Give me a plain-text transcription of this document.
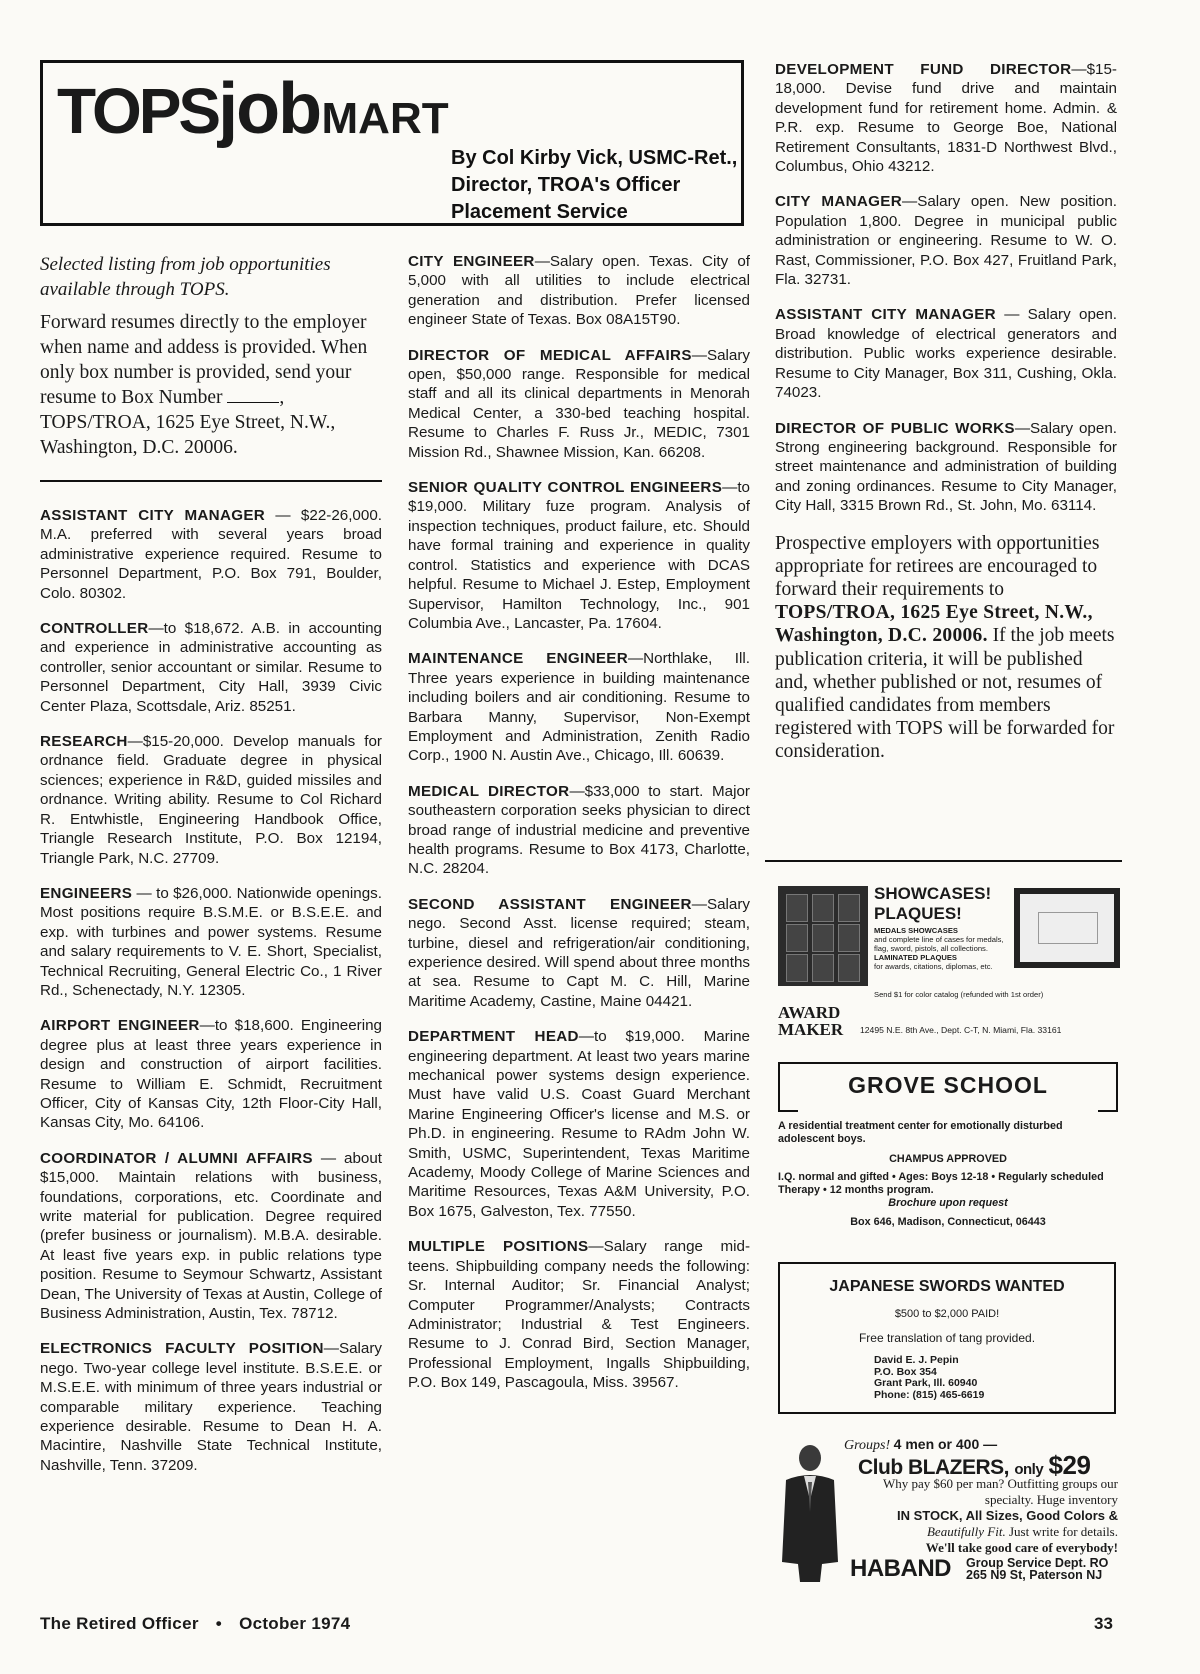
TOPSjob MART
By Col Kirby Vick, USMC-Ret.,
Director, TROA's Officer
Placement Service

Selected listing from job opportunities available through TOPS.

Forward resumes directly to the employer when name and addess is provided. When only box number is provided, send your resume to Box Number	, TOPS/TROA, 1625 Eye Street, N.W., Washington, D.C. 20006.

ASSISTANT CITY MANAGER — $22-26,000. M.A. preferred with several years broad administrative experience required. Resume to Personnel Department, P.O. Box 791, Boulder, Colo. 80302.

CONTROLLER—to $18,672. A.B. in accounting and experience in administrative accounting as controller, senior accountant or similar. Resume to Personnel Department, City Hall, 3939 Civic Center Plaza, Scottsdale, Ariz. 85251.

RESEARCH—$15-20,000. Develop manuals for ordnance field. Graduate degree in physical sciences; experience in R&D, guided missiles and ordnance. Writing ability. Resume to Col Richard R. Entwhistle, Engineering Handbook Office, Triangle Research Institute, P.O. Box 12194, Triangle Park, N.C. 27709.

ENGINEERS — to $26,000. Nationwide openings. Most positions require B.S.M.E. or B.S.E.E. and exp. with turbines and power systems. Resume and salary requirements to V. E. Short, Specialist, Technical Recruiting, General Electric Co., 1 River Rd., Schenectady, N.Y. 12305.

AIRPORT ENGINEER—to $18,600. Engineering degree plus at least three years experience in design and construction of airport facilities. Resume to William E. Schmidt, Recruitment Officer, City of Kansas City, 12th Floor-City Hall, Kansas City, Mo. 64106.

COORDINATOR / ALUMNI AFFAIRS — about $15,000. Maintain relations with business, foundations, corporations, etc. Coordinate and write material for publication. Degree required (prefer business or journalism). M.B.A. desirable. At least five years exp. in public relations type position. Resume to Seymour Schwartz, Assistant Dean, The University of Texas at Austin, College of Business Administration, Austin, Tex. 78712.

ELECTRONICS FACULTY POSITION—Salary nego. Two-year college level institute. B.S.E.E. or M.S.E.E. with minimum of three years industrial or comparable military experience. Teaching experience desirable. Resume to Dean H. A. Macintire, Nashville State Technical Institute, Nashville, Tenn. 37209.

CITY ENGINEER—Salary open. Texas. City of 5,000 with all utilities to include electrical generation and distribution. Prefer licensed engineer State of Texas. Box 08A15T90.

DIRECTOR OF MEDICAL AFFAIRS—Salary open, $50,000 range. Responsible for medical staff and all its clinical departments in Menorah Medical Center, a 330-bed teaching hospital. Resume to Charles F. Russ Jr., MEDIC, 7301 Mission Rd., Shawnee Mission, Kan. 66208.

SENIOR QUALITY CONTROL ENGINEERS—to $19,000. Military fuze program. Analysis of inspection techniques, product failure, etc. Should have formal training and experience in quality control. Statistics and experience with DCAS helpful. Resume to Michael J. Estep, Employment Supervisor, Hamilton Technology, Inc., 901 Columbia Ave., Lancaster, Pa. 17604.

MAINTENANCE ENGINEER—Northlake, Ill. Three years experience in building maintenance including boilers and air conditioning. Resume to Barbara Manny, Supervisor, Non-Exempt Employment and Administration, Zenith Radio Corp., 1900 N. Austin Ave., Chicago, Ill. 60639.

MEDICAL DIRECTOR—$33,000 to start. Major southeastern corporation seeks physician to direct broad range of industrial medicine and preventive health programs. Resume to Box 4173, Charlotte, N.C. 28204.

SECOND ASSISTANT ENGINEER—Salary nego. Second Asst. license required; steam, turbine, diesel and refrigeration/air conditioning, experience desired. Will spend about three months at sea. Resume to Capt M. C. Hill, Marine Maritime Academy, Castine, Maine 04421.

DEPARTMENT HEAD—to $19,000. Marine engineering department. At least two years marine mechanical power systems design experience. Must have valid U.S. Coast Guard Merchant Marine Engineering Officer's license and M.S. or Ph.D. in engineering. Resume to RAdm John W. Smith, USMC, Superintendent, Texas Maritime Academy, Moody College of Marine Sciences and Maritime Resources, Texas A&M University, P.O. Box 1675, Galveston, Tex. 77550.

MULTIPLE POSITIONS—Salary range mid-teens. Shipbuilding company needs the following: Sr. Internal Auditor; Sr. Financial Analyst; Computer Programmer/Analysts; Contracts Administrator; Industrial & Test Engineers. Resume to J. Conrad Bird, Section Manager, Professional Employment, Ingalls Shipbuilding, P.O. Box 149, Pascagoula, Miss. 39567.

DEVELOPMENT FUND DIRECTOR—$15-18,000. Devise fund drive and maintain development fund for retirement home. Admin. & P.R. exp. Resume to George Boe, National Retirement Consultants, 1831-D Northwest Blvd., Columbus, Ohio 43212.

CITY MANAGER—Salary open. New position. Population 1,800. Degree in municipal public administration or engineering. Resume to W. O. Rast, Commissioner, P.O. Box 427, Fruitland Park, Fla. 32731.

ASSISTANT CITY MANAGER — Salary open. Broad knowledge of electrical generators and distribution. Public works experience desirable. Resume to City Manager, Box 311, Cushing, Okla. 74023.

DIRECTOR OF PUBLIC WORKS—Salary open. Strong engineering background. Responsible for street maintenance and administration of building and zoning ordinances. Resume to City Manager, City Hall, 3315 Brown Rd., St. John, Mo. 63114.

Prospective employers with opportunities appropriate for retirees are encouraged to forward their requirements to TOPS/TROA, 1625 Eye Street, N.W., Washington, D.C. 20006. If the job meets publication criteria, it will be published and, whether published or not, resumes of qualified candidates from members registered with TOPS will be forwarded for consideration.

SHOWCASES!
PLAQUES!
MEDALS SHOWCASES
and complete line of cases for medals, flag, sword, pistols, all collections.
LAMINATED PLAQUES
for awards, citations, diplomas, etc.
Send $1 for color catalog (refunded with 1st order)
AWARD
MAKER 12495 N.E. 8th Ave., Dept. C-T, N. Miami, Fla. 33161
GROVE SCHOOL
A residential treatment center for emotionally disturbed adolescent boys.
CHAMPUS APPROVED
I.Q. normal and gifted • Ages: Boys 12-18 • Regularly scheduled Therapy • 12 months program.
Brochure upon request
Box 646, Madison, Connecticut, 06443
JAPANESE SWORDS WANTED
$500 to $2,000 PAID!
Free translation of tang provided.
David E. J. Pepin
P.O. Box 354
Grant Park, Ill. 60940
Phone: (815) 465-6619
Groups! 4 men or 400 —
Club BLAZERS, only $29
Why pay $60 per man? Outfitting groups our specialty. Huge inventory
IN STOCK, All Sizes, Good Colors &
Beautifully Fit. Just write for details.
We'll take good care of everybody!
HABAND Group Service Dept. RO
265 N9 St, Paterson NJ
The Retired Officer • October 1974	33
